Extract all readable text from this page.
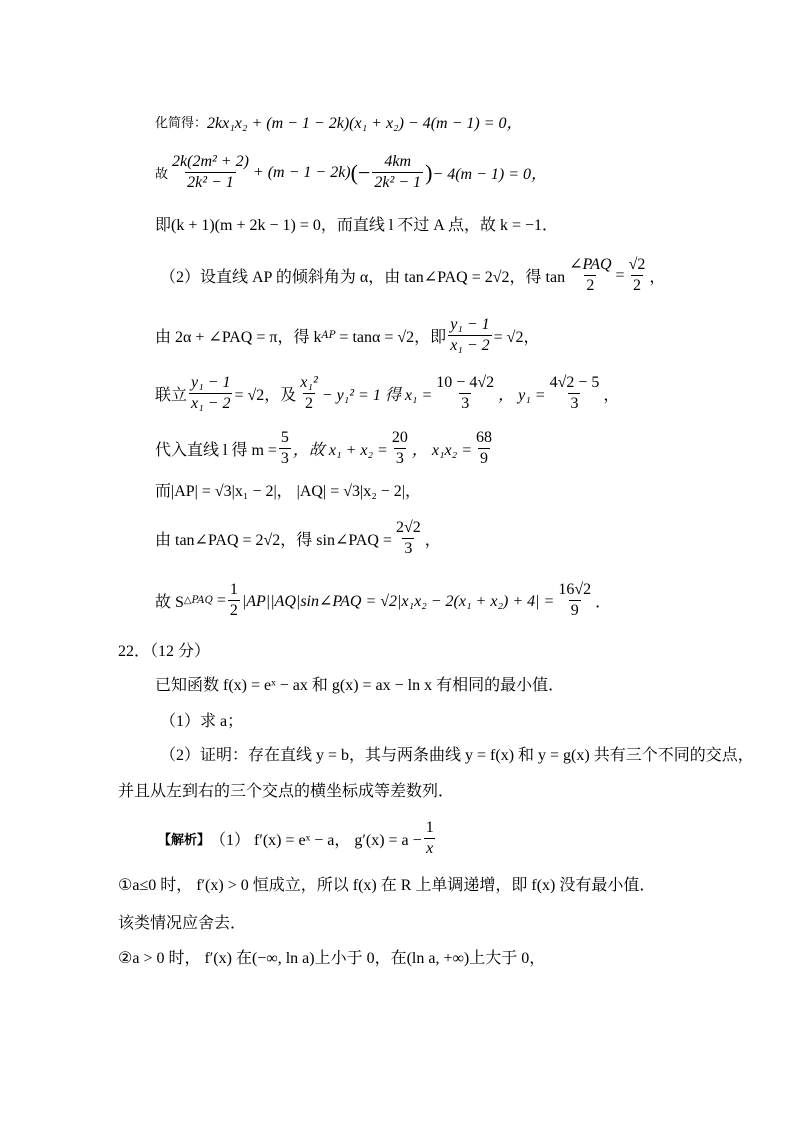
化简得： 2kx₁x₂ + (m − 1 − 2k)(x₁ + x₂) − 4(m − 1) = 0，
故 $\frac{\text{2k(2m² + 2)}}{\text{2k² − 1}} + (m - 1 - 2k)$ (− $\frac{4km}{\text{2k² − 1}}$ ) − 4(m − 1) = 0，
即(k + 1)(m + 2k − 1) = 0，而直线 l 不过 A 点，故 k = −1．
（2）设直线 AP 的倾斜角为 α，由 tan∠PAQ = 2√2，得 $\tan \frac{\text{∠PAQ}}{2} = \frac{√2}{2}$ ，
由 2α + ∠PAQ = π，得 k AP = tanα = √2，即 $\frac{\text{y₁ − 1}}{\text{x₁ − 2}} = √2$，
联立 $\frac{\text{y₁ − 1}}{\text{x₁ − 2}} = √2$，及 $\frac{\text{x₁²}}{2} - y_1^2 = 1$ 得 $x_1 = \frac{10 - 4√2}{3}$ ， $y_1 = \frac{4√2 - 5}{3}$ ，
代入直线 l 得 $m = \frac{5}{3}$ ，故 $x_1 + x_2 = \frac{20}{3}$ ， $x_1x_2 = \frac{68}{9}$
而|AP| = √3|x₁ − 2|， |AQ| = √3|x₂ − 2|，
由 tan∠PAQ = 2√2，得 sin∠PAQ = $\frac{2√2}{3}$ ，
故 S △PAQ = $\frac{1}{2}$ |AP||AQ|sin∠PAQ = $√2|x_1x_2 - 2(x_1 + x_2) + 4| = \frac{16√2}{9}$ ．
22．（12 分）
已知函数 f(x) = eˣ − ax 和 g(x) = ax − ln x 有相同的最小值．
（1）求 a；
（2）证明：存在直线 y = b，其与两条曲线 y = f(x) 和 y = g(x) 共有三个不同的交点，
并且从左到右的三个交点的横坐标成等差数列．
【解析】 （1） f′(x) = eˣ − a， $g'(x) = a - \frac{1}{x}$
①a≤0 时， f′(x) > 0 恒成立，所以 f(x) 在 R 上单调递增，即 f(x) 没有最小值．
该类情况应舍去．
②a > 0 时， f′(x) 在(−∞, ln a)上小于 0，在(ln a, +∞)上大于 0，
